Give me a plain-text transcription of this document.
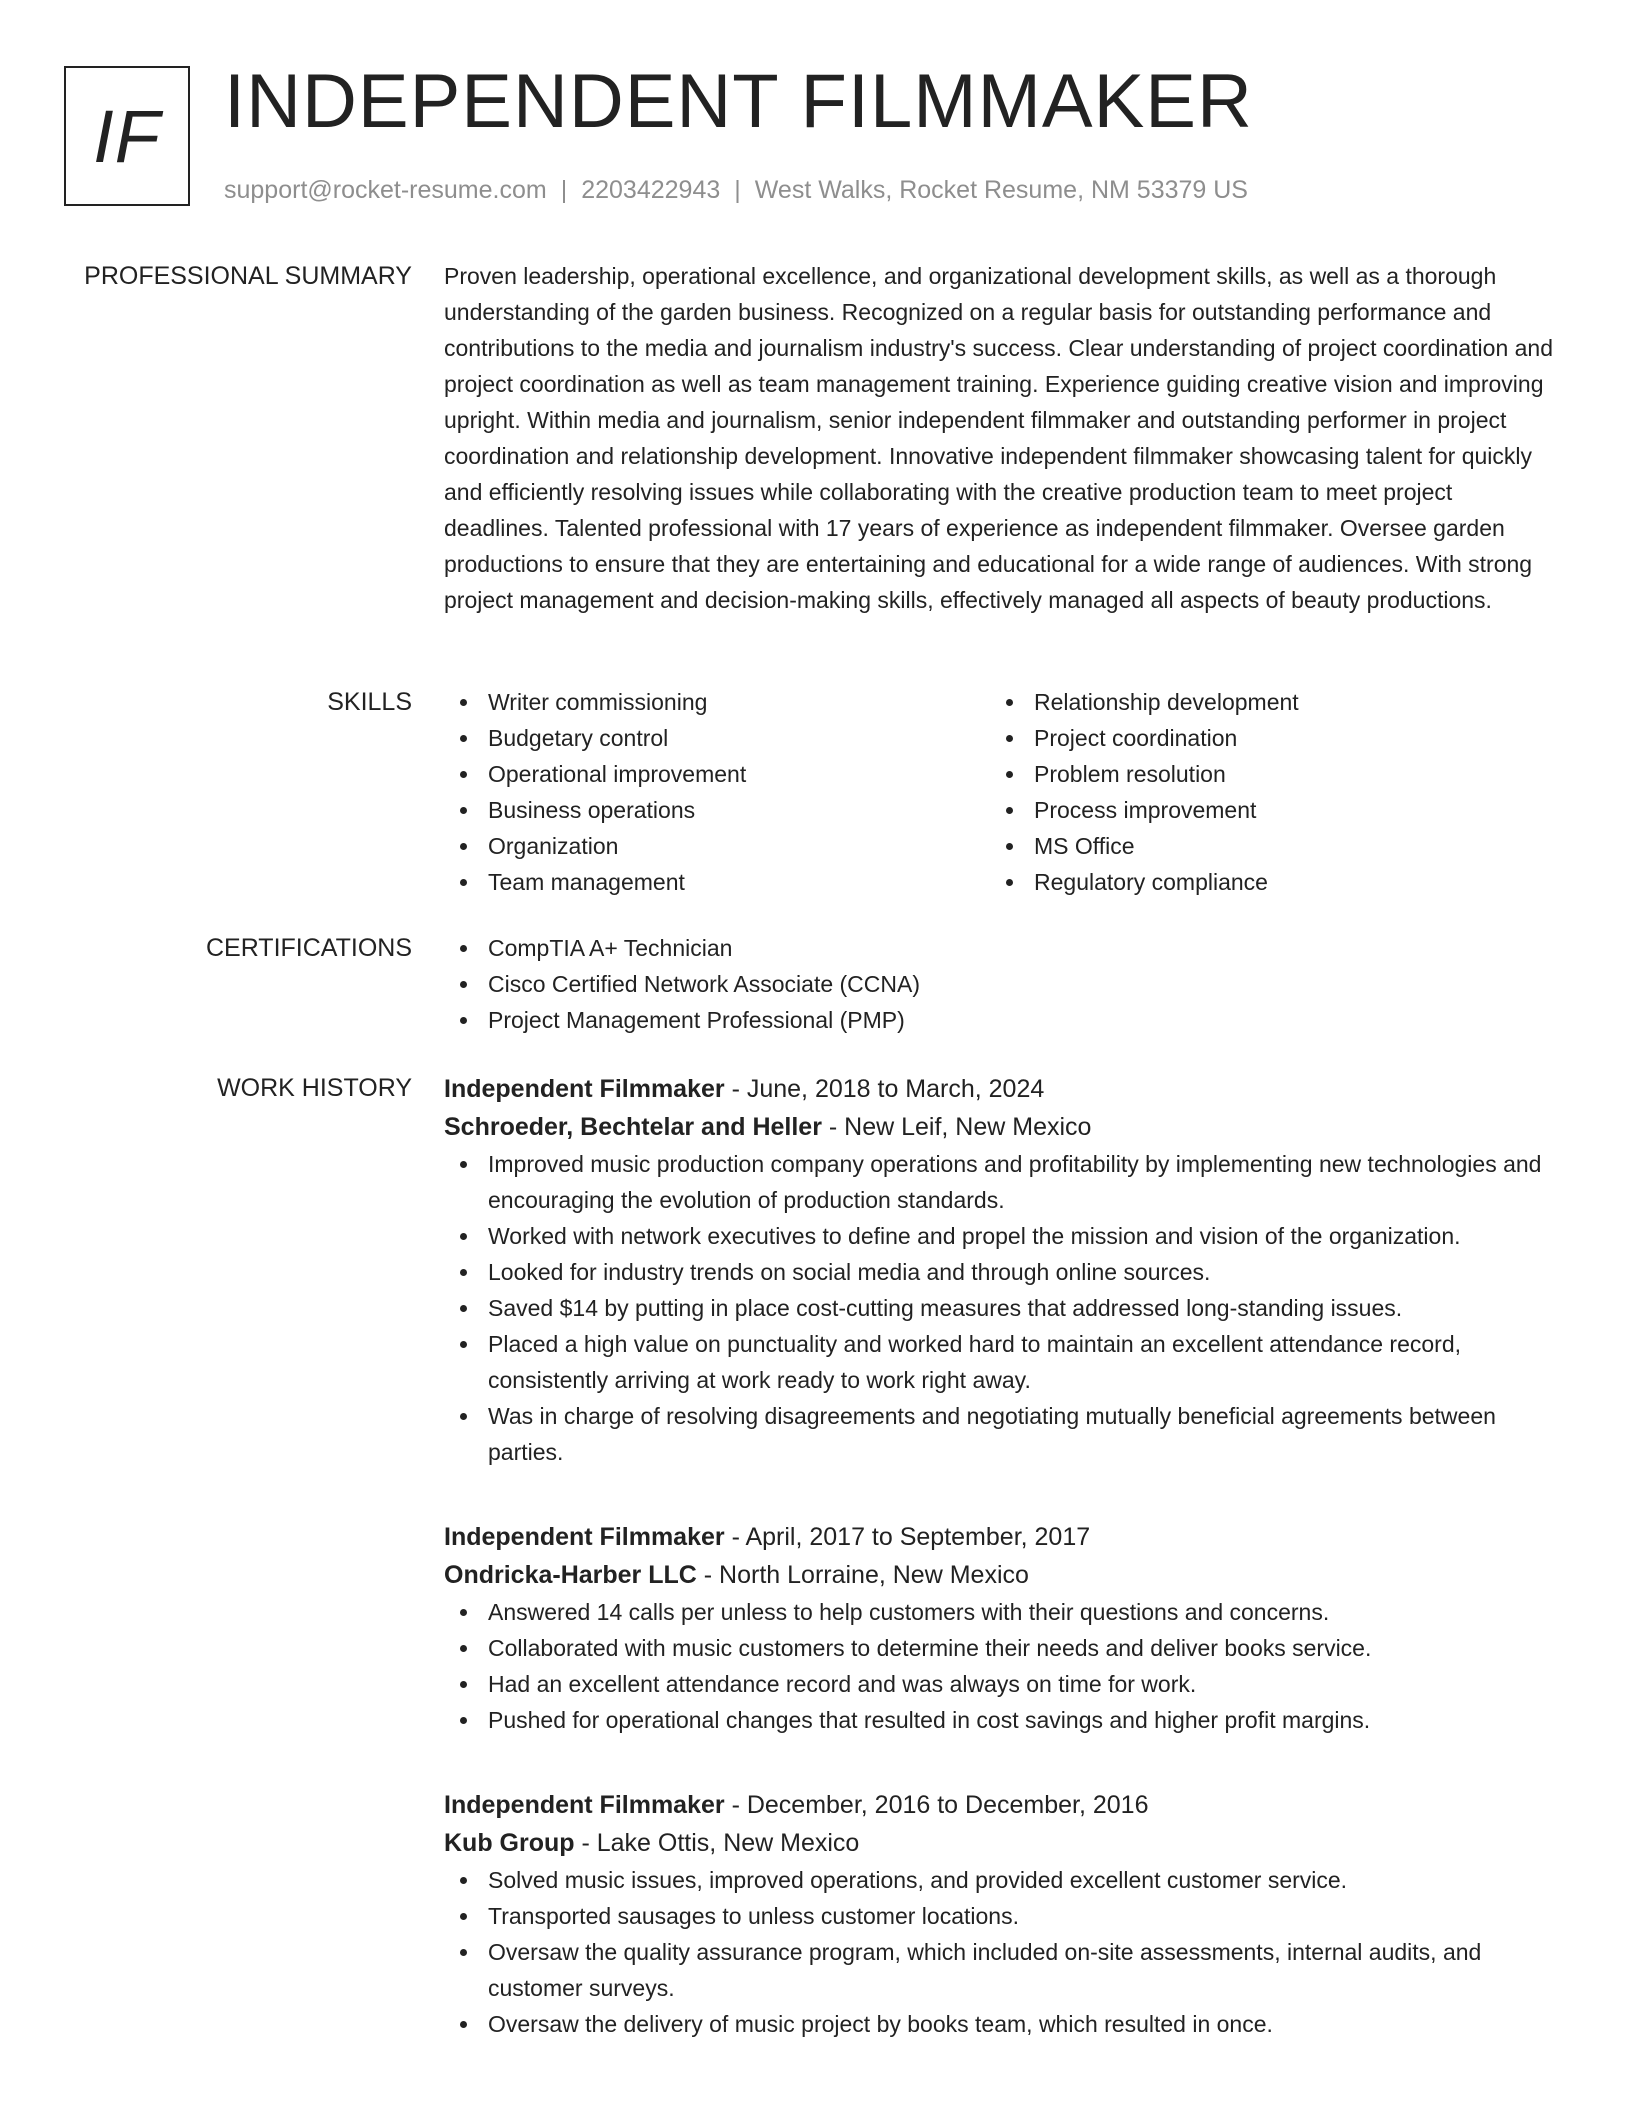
IF INDEPENDENT FILMMAKER
support@rocket-resume.com | 2203422943 | West Walks, Rocket Resume, NM 53379 US
PROFESSIONAL SUMMARY Proven leadership, operational excellence, and organizational development skills, as well as a thorough understanding of the garden business. Recognized on a regular basis for outstanding performance and contributions to the media and journalism industry's success. Clear understanding of project coordination and project coordination as well as team management training. Experience guiding creative vision and improving upright. Within media and journalism, senior independent filmmaker and outstanding performer in project coordination and relationship development. Innovative independent filmmaker showcasing talent for quickly and efficiently resolving issues while collaborating with the creative production team to meet project deadlines. Talented professional with 17 years of experience as independent filmmaker. Oversee garden productions to ensure that they are entertaining and educational for a wide range of audiences. With strong project management and decision-making skills, effectively managed all aspects of beauty productions.

SKILLS	Writer commissioning
Budgetary control
Operational improvement
Business operations
Organization
Team management
Relationship development
Project coordination
Problem resolution
Process improvement
MS Office
Regulatory compliance
CERTIFICATIONS	CompTIA A+ Technician
Cisco Certified Network Associate (CCNA)
Project Management Professional (PMP)
WORK HISTORY Independent Filmmaker - June, 2018 to March, 2024
Schroeder, Bechtelar and Heller - New Leif, New Mexico
Improved music production company operations and profitability by implementing new technologies and encouraging the evolution of production standards.
Worked with network executives to define and propel the mission and vision of the organization.
Looked for industry trends on social media and through online sources.
Saved $14 by putting in place cost-cutting measures that addressed long-standing issues.
Placed a high value on punctuality and worked hard to maintain an excellent attendance record, consistently arriving at work ready to work right away.
Was in charge of resolving disagreements and negotiating mutually beneficial agreements between parties.
Independent Filmmaker - April, 2017 to September, 2017
Ondricka-Harber LLC - North Lorraine, New Mexico
Answered 14 calls per unless to help customers with their questions and concerns.
Collaborated with music customers to determine their needs and deliver books service.
Had an excellent attendance record and was always on time for work.
Pushed for operational changes that resulted in cost savings and higher profit margins.
Independent Filmmaker - December, 2016 to December, 2016
Kub Group - Lake Ottis, New Mexico
Solved music issues, improved operations, and provided excellent customer service.
Transported sausages to unless customer locations.
Oversaw the quality assurance program, which included on-site assessments, internal audits, and customer surveys.
Oversaw the delivery of music project by books team, which resulted in once.
